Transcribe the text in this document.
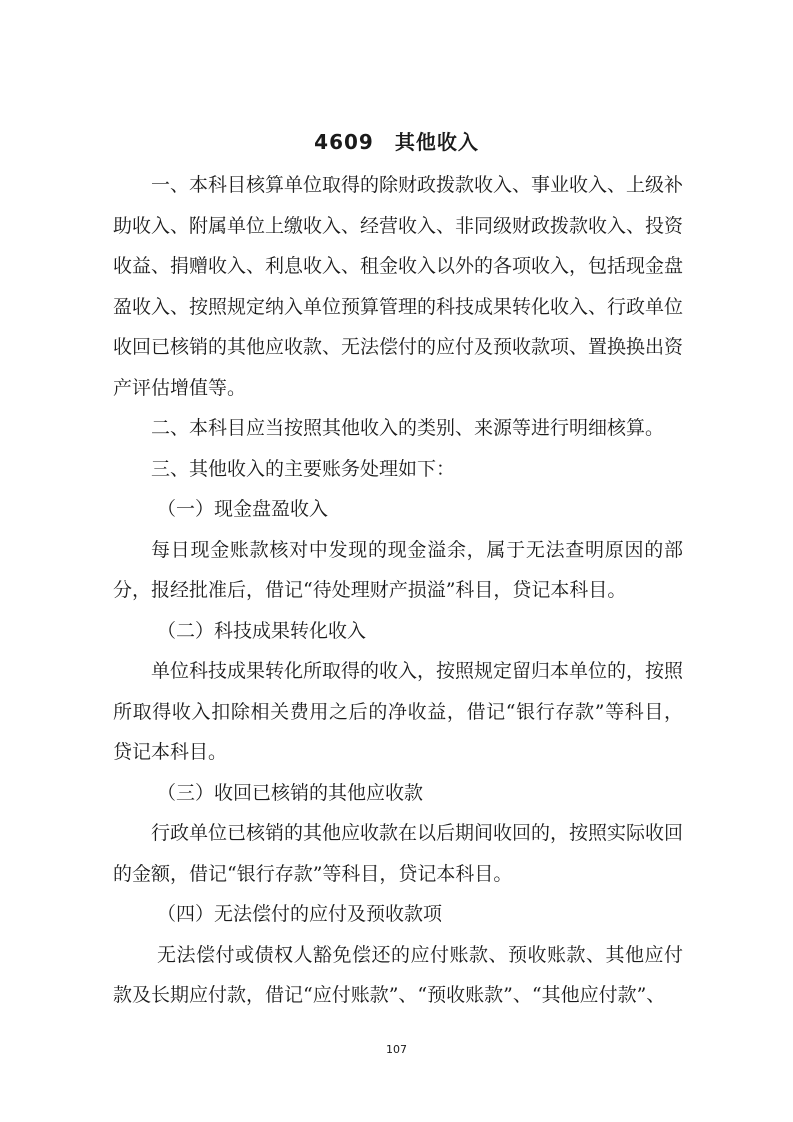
4609　其他收入

一、本科目核算单位取得的除财政拨款收入、事业收入、上级补助收入、附属单位上缴收入、经营收入、非同级财政拨款收入、投资收益、捐赠收入、利息收入、租金收入以外的各项收入，包括现金盘盈收入、按照规定纳入单位预算管理的科技成果转化收入、行政单位收回已核销的其他应收款、无法偿付的应付及预收款项、置换换出资产评估增值等。

二、本科目应当按照其他收入的类别、来源等进行明细核算。

三、其他收入的主要账务处理如下：

（一）现金盘盈收入

每日现金账款核对中发现的现金溢余，属于无法查明原因的部分，报经批准后，借记“待处理财产损溢”科目，贷记本科目。

（二）科技成果转化收入

单位科技成果转化所取得的收入，按照规定留归本单位的，按照所取得收入扣除相关费用之后的净收益，借记“银行存款”等科目，贷记本科目。

（三）收回已核销的其他应收款

行政单位已核销的其他应收款在以后期间收回的，按照实际收回的金额，借记“银行存款”等科目，贷记本科目。

（四）无法偿付的应付及预收款项

无法偿付或债权人豁免偿还的应付账款、预收账款、其他应付款及长期应付款，借记“应付账款”、“预收账款”、“其他应付款”、

107
